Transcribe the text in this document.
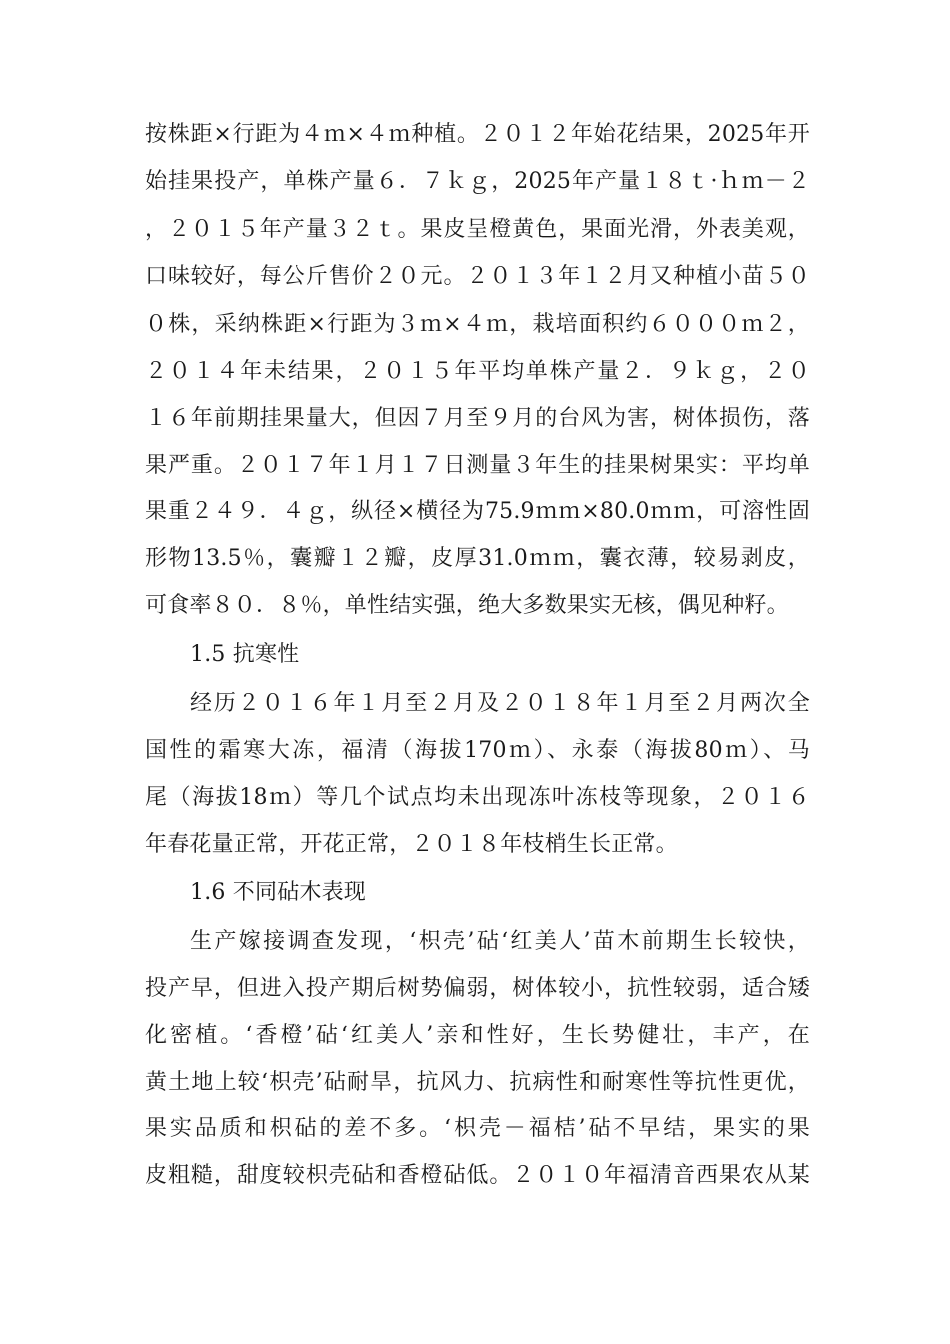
按株距×行距为４ｍ×４ｍ种植。２０１２年始花结果，2025年开
始挂果投产，单株产量６．７ｋｇ，2025年产量１８ｔ·ｈｍ－２
，２０１５年产量３２ｔ。果皮呈橙黄色，果面光滑，外表美观，
口味较好，每公斤售价２０元。２０１３年１２月又种植小苗５０
０株，采纳株距×行距为３ｍ×４ｍ，栽培面积约６０００ｍ２，
２０１４年未结果，２０１５年平均单株产量２．９ｋｇ，２０
１６年前期挂果量大，但因７月至９月的台风为害，树体损伤，落
果严重。２０１７年１月１７日测量３年生的挂果树果实：平均单
果重２４９．４ｇ，纵径×横径为75.9ｍｍ×80.0ｍｍ，可溶性固
形物13.5％，囊瓣１２瓣，皮厚31.0ｍｍ，囊衣薄，较易剥皮，
可食率８０．８％，单性结实强，绝大多数果实无核，偶见种籽。
1.5 抗寒性
经历２０１６年１月至２月及２０１８年１月至２月两次全
国性的霜寒大冻，福清（海拔170ｍ）、永泰（海拔80ｍ）、马
尾（海拔18ｍ）等几个试点均未出现冻叶冻枝等现象，２０１６
年春花量正常，开花正常，２０１８年枝梢生长正常。
1.6 不同砧木表现
生产嫁接调查发现，‘枳壳’砧‘红美人’苗木前期生长较快，
投产早，但进入投产期后树势偏弱，树体较小，抗性较弱，适合矮
化密植。‘香橙’砧‘红美人’亲和性好，生长势健壮，丰产，在
黄土地上较‘枳壳’砧耐旱，抗风力、抗病性和耐寒性等抗性更优，
果实品质和枳砧的差不多。‘枳壳－福桔’砧不早结，果实的果
皮粗糙，甜度较枳壳砧和香橙砧低。２０１０年福清音西果农从某
